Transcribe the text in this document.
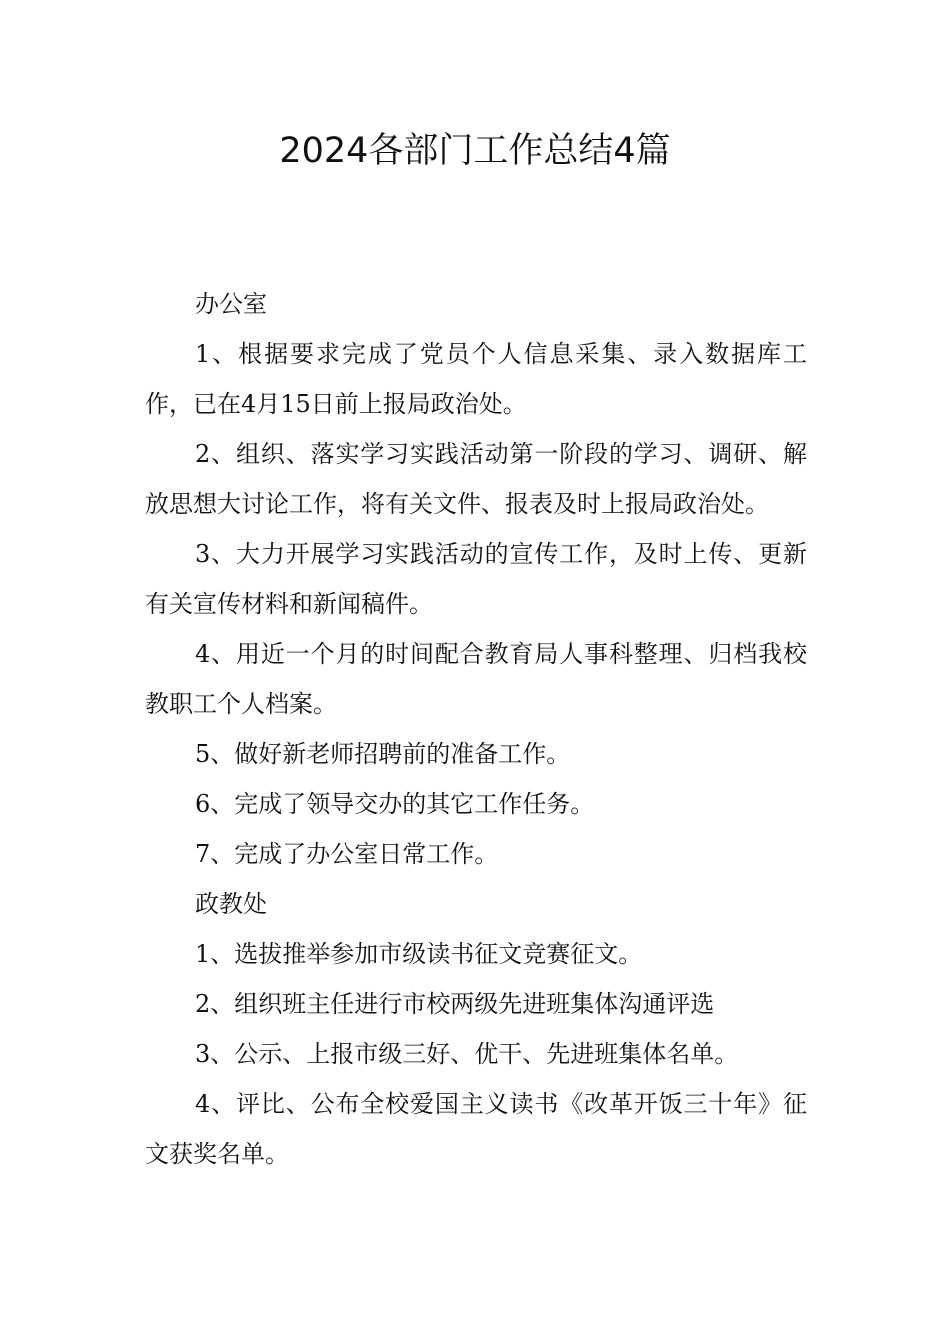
2024各部门工作总结4篇

办公室

1、根据要求完成了党员个人信息采集、录入数据库工作，已在4月15日前上报局政治处。

2、组织、落实学习实践活动第一阶段的学习、调研、解放思想大讨论工作，将有关文件、报表及时上报局政治处。

3、大力开展学习实践活动的宣传工作，及时上传、更新有关宣传材料和新闻稿件。

4、用近一个月的时间配合教育局人事科整理、归档我校教职工个人档案。

5、做好新老师招聘前的准备工作。

6、完成了领导交办的其它工作任务。

7、完成了办公室日常工作。

政教处

1、选拔推举参加市级读书征文竞赛征文。

2、组织班主任进行市校两级先进班集体沟通评选

3、公示、上报市级三好、优干、先进班集体名单。

4、评比、公布全校爱国主义读书《改革开饭三十年》征文获奖名单。
